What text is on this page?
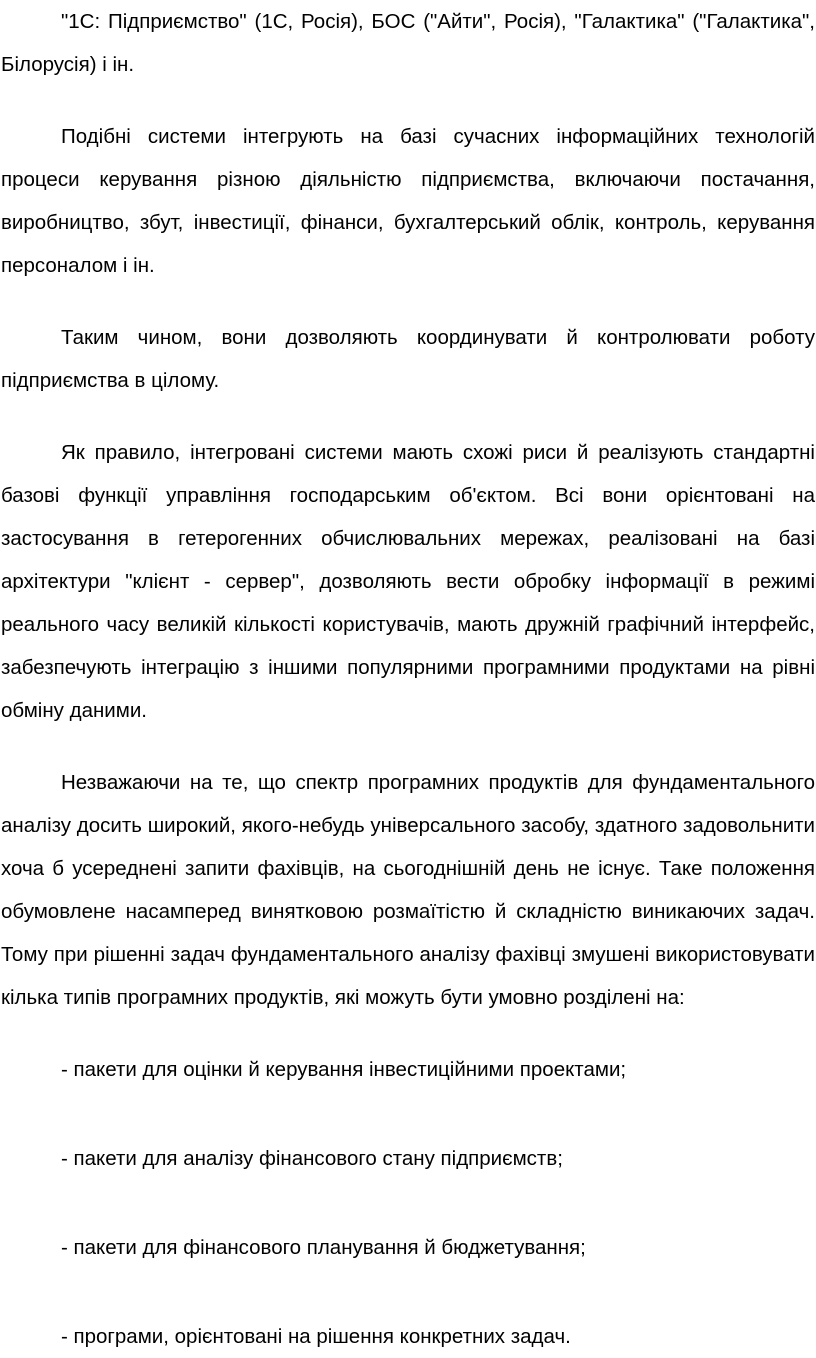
"1С: Підприємство" (1С, Росія), БОС ("Айти", Росія), "Галактика" ("Галактика", Білорусія) і ін.

Подібні системи інтегрують на базі сучасних інформаційних технологій процеси керування різною діяльністю підприємства, включаючи постачання, виробництво, збут, інвестиції, фінанси, бухгалтерський облік, контроль, керування персоналом і ін.

Таким чином, вони дозволяють координувати й контролювати роботу підприємства в цілому.

Як правило, інтегровані системи мають схожі риси й реалізують стандартні базові функції управління господарським об'єктом. Всі вони орієнтовані на застосування в гетерогенних обчислювальних мережах, реалізовані на базі архітектури "клієнт - сервер", дозволяють вести обробку інформації в режимі реального часу великій кількості користувачів, мають дружній графічний інтерфейс, забезпечують інтеграцію з іншими популярними програмними продуктами на рівні обміну даними.

Незважаючи на те, що спектр програмних продуктів для фундаментального аналізу досить широкий, якого-небудь універсального засобу, здатного задовольнити хоча б усереднені запити фахівців, на сьогоднішній день не існує. Таке положення обумовлене насамперед винятковою розмаїтістю й складністю виникаючих задач. Тому при рішенні задач фундаментального аналізу фахівці змушені використовувати кілька типів програмних продуктів, які можуть бути умовно розділені на:

- пакети для оцінки й керування інвестиційними проектами;

- пакети для аналізу фінансового стану підприємств;

- пакети для фінансового планування й бюджетування;

- програми, орієнтовані на рішення конкретних задач.
